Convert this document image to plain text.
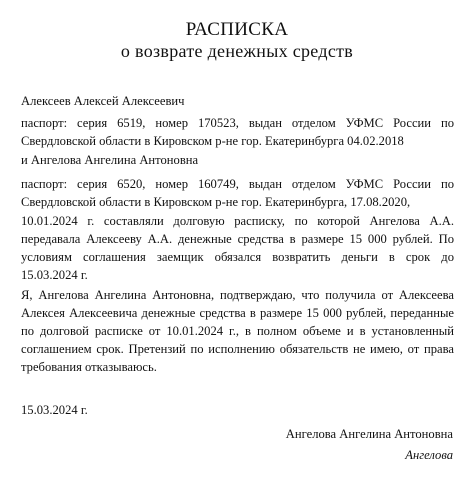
РАСПИСКА
о возврате денежных средств
Алексеев Алексей Алексеевич
паспорт: серия 6519, номер 170523, выдан отделом УФМС России по
Свердловской области в Кировском р-не гор. Екатеринбурга 04.02.2018
и Ангелова Ангелина Антоновна
паспорт: серия 6520, номер 160749, выдан отделом УФМС России по
Свердловской области в Кировском р-не гор. Екатеринбурга, 17.08.2020,
10.01.2024 г. составляли долговую расписку, по которой Ангелова А.А.
передавала Алексееву А.А. денежные средства в размере 15 000 рублей. По
условиям соглашения заемщик обязался возвратить деньги в срок до
15.03.2024 г.
Я, Ангелова Ангелина Антоновна, подтверждаю, что получила от Алексеева
Алексея Алексеевича денежные средства в размере 15 000 рублей, переданные
по долговой расписке от 10.01.2024 г., в полном объеме и в установленный
соглашением срок. Претензий по исполнению обязательств не имею, от права
требования отказываюсь.
15.03.2024 г.
Ангелова Ангелина Антоновна
Ангелова
